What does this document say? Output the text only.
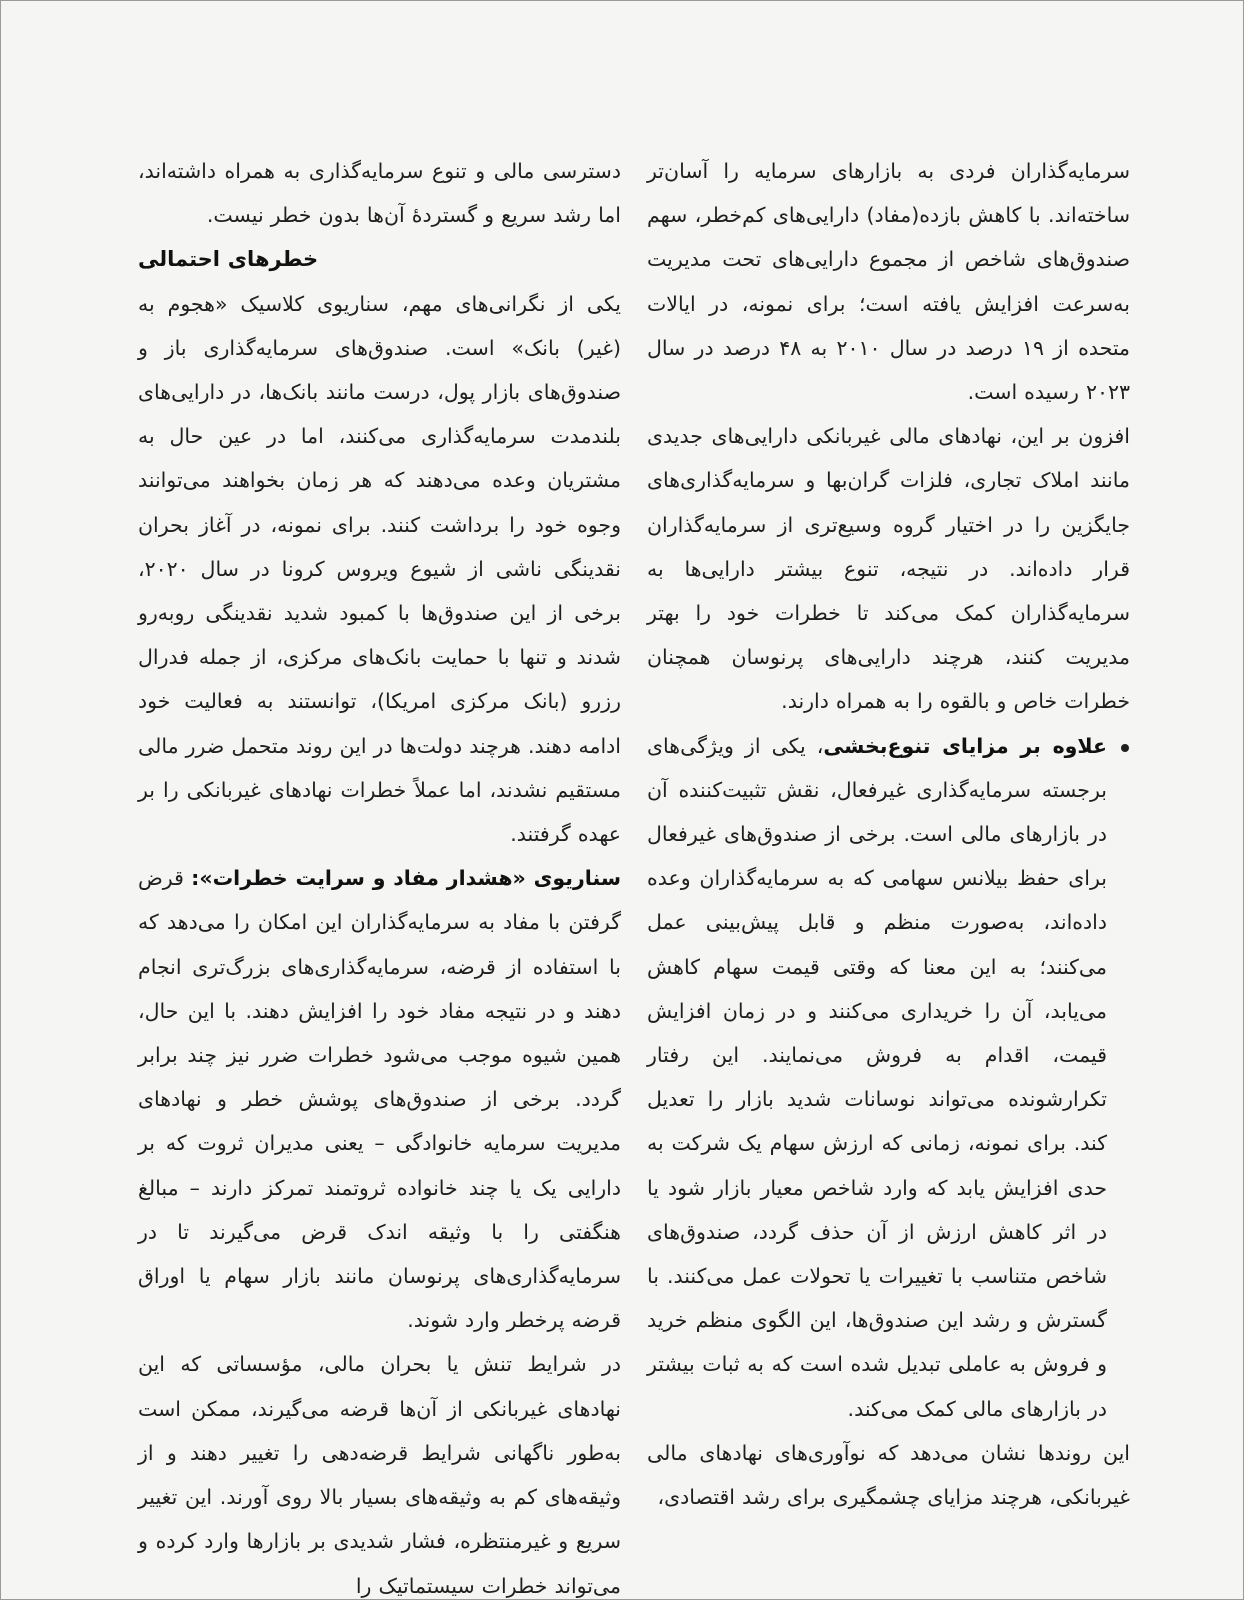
سرمایه‌گذاران فردی به بازارهای سرمایه را آسان‌تر ساخته‌اند. با کاهش بازده(مفاد) دارایی‌های کم‌خطر، سهم صندوق‌های شاخص از مجموع دارایی‌های تحت مدیریت به‌سرعت افزایش یافته است؛ برای نمونه، در ایالات متحده از ۱۹ درصد در سال ۲۰۱۰ به ۴۸ درصد در سال ۲۰۲۳ رسیده است.

افزون بر این، نهادهای مالی غیربانکی دارایی‌های جدیدی مانند املاک تجاری، فلزات گران‌بها و سرمایه‌گذاری‌های جایگزین را در اختیار گروه وسیع‌تری از سرمایه‌گذاران قرار داده‌اند. در نتیجه، تنوع بیشتر دارایی‌ها به سرمایه‌گذاران کمک می‌کند تا خطرات خود را بهتر مدیریت کنند، هرچند دارایی‌های پرنوسان همچنان خطرات خاص و بالقوه را به همراه دارند.

علاوه بر مزایای تنوع‌بخشی، یکی از ویژگی‌های برجسته سرمایه‌گذاری غیرفعال، نقش تثبیت‌کننده آن در بازارهای مالی است. برخی از صندوق‌های غیرفعال برای حفظ بیلانس سهامی که به سرمایه‌گذاران وعده داده‌اند، به‌صورت منظم و قابل پیش‌بینی عمل می‌کنند؛ به این معنا که وقتی قیمت سهام کاهش می‌یابد، آن را خریداری می‌کنند و در زمان افزایش قیمت، اقدام به فروش می‌نمایند. این رفتار تکرارشونده می‌تواند نوسانات شدید بازار را تعدیل کند. برای نمونه، زمانی که ارزش سهام یک شرکت به حدی افزایش یابد که وارد شاخص معیار بازار شود یا در اثر کاهش ارزش از آن حذف گردد، صندوق‌های شاخص متناسب با تغییرات یا تحولات عمل می‌کنند. با گسترش و رشد این صندوق‌ها، این الگوی منظم خرید و فروش به عاملی تبدیل شده است که به ثبات بیشتر در بازارهای مالی کمک می‌کند.

این روندها نشان می‌دهد که نوآوری‌های نهادهای مالی غیربانکی، هرچند مزایای چشمگیری برای رشد اقتصادی،

دسترسی مالی و تنوع سرمایه‌گذاری به همراه داشته‌اند، اما رشد سریع و گستردۀ آن‌ها بدون خطر نیست.

خطرهای احتمالی

یکی از نگرانی‌های مهم، سناریوی کلاسیک «هجوم به (غیر) بانک» است. صندوق‌های سرمایه‌گذاری باز و صندوق‌های بازار پول، درست مانند بانک‌ها، در دارایی‌های بلندمدت سرمایه‌گذاری می‌کنند، اما در عین حال به مشتریان وعده می‌دهند که هر زمان بخواهند می‌توانند وجوه خود را برداشت کنند. برای نمونه، در آغاز بحران نقدینگی ناشی از شیوع ویروس کرونا در سال ۲۰۲۰، برخی از این صندوق‌ها با کمبود شدید نقدینگی روبه‌رو شدند و تنها با حمایت بانک‌های مرکزی، از جمله فدرال رزرو (بانک مرکزی امریکا)، توانستند به فعالیت خود ادامه دهند. هرچند دولت‌ها در این روند متحمل ضرر مالی مستقیم نشدند، اما عملاً خطرات نهادهای غیربانکی را بر عهده گرفتند.

سناریوی «هشدار مفاد و سرایت خطرات»: قرض گرفتن با مفاد به سرمایه‌گذاران این امکان را می‌دهد که با استفاده از قرضه، سرمایه‌گذاری‌های بزرگ‌تری انجام دهند و در نتیجه مفاد خود را افزایش دهند. با این حال، همین شیوه موجب می‌شود خطرات ضرر نیز چند برابر گردد. برخی از صندوق‌های پوشش خطر و نهادهای مدیریت سرمایه خانوادگی – یعنی مدیران ثروت که بر دارایی یک یا چند خانواده ثروتمند تمرکز دارند – مبالغ هنگفتی را با وثیقه اندک قرض می‌گیرند تا در سرمایه‌گذاری‌های پرنوسان مانند بازار سهام یا اوراق قرضه پرخطر وارد شوند.

در شرایط تنش یا بحران مالی، مؤسساتی که این نهادهای غیربانکی از آن‌ها قرضه می‌گیرند، ممکن است به‌طور ناگهانی شرایط قرضه‌دهی را تغییر دهند و از وثیقه‌های کم به وثیقه‌های بسیار بالا روی آورند. این تغییر سریع و غیرمنتظره، فشار شدیدی بر بازارها وارد کرده و می‌تواند خطرات سیستماتیک را
